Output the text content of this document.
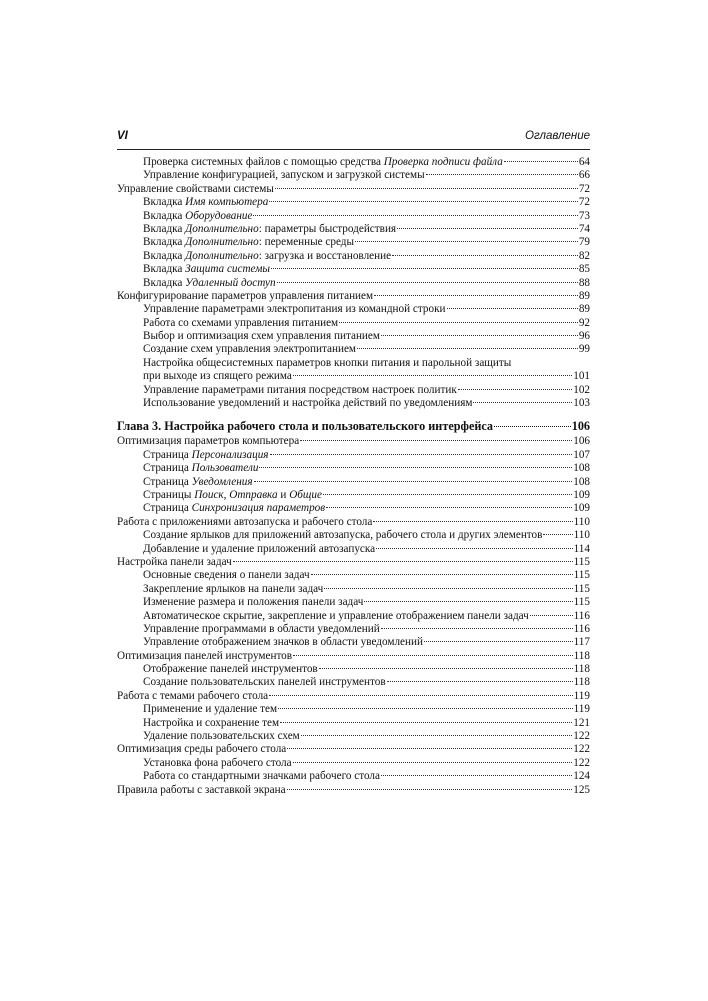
VI	Оглавление
Проверка системных файлов с помощью средства Проверка подписи файла	64
Управление конфигурацией, запуском и загрузкой системы	66
Управление свойствами системы	72
Вкладка Имя компьютера	72
Вкладка Оборудование	73
Вкладка Дополнительно: параметры быстродействия	74
Вкладка Дополнительно: переменные среды	79
Вкладка Дополнительно: загрузка и восстановление	82
Вкладка Защита системы	85
Вкладка Удаленный доступ	88
Конфигурирование параметров управления питанием	89
Управление параметрами электропитания из командной строки	89
Работа со схемами управления питанием	92
Выбор и оптимизация схем управления питанием	96
Создание схем управления электропитанием	99
Настройка общесистемных параметров кнопки питания и парольной защиты
при выходе из спящего режима	101
Управление параметрами питания посредством настроек политик	102
Использование уведомлений и настройка действий по уведомлениям	103
Глава 3. Настройка рабочего стола и пользовательского интерфейса	106
Оптимизация параметров компьютера	106
Страница Персонализация	107
Страница Пользователи	108
Страница Уведомления	108
Страницы Поиск, Отправка и Общие	109
Страница Синхронизация параметров	109
Работа с приложениями автозапуска и рабочего стола	110
Создание ярлыков для приложений автозапуска, рабочего стола и других элементов	110
Добавление и удаление приложений автозапуска	114
Настройка панели задач	115
Основные сведения о панели задач	115
Закрепление ярлыков на панели задач	115
Изменение размера и положения панели задач	115
Автоматическое скрытие, закрепление и управление отображением панели задач	116
Управление программами в области уведомлений	116
Управление отображением значков в области уведомлений	117
Оптимизация панелей инструментов	118
Отображение панелей инструментов	118
Создание пользовательских панелей инструментов	118
Работа с темами рабочего стола	119
Применение и удаление тем	119
Настройка и сохранение тем	121
Удаление пользовательских схем	122
Оптимизация среды рабочего стола	122
Установка фона рабочего стола	122
Работа со стандартными значками рабочего стола	124
Правила работы с заставкой экрана	125
